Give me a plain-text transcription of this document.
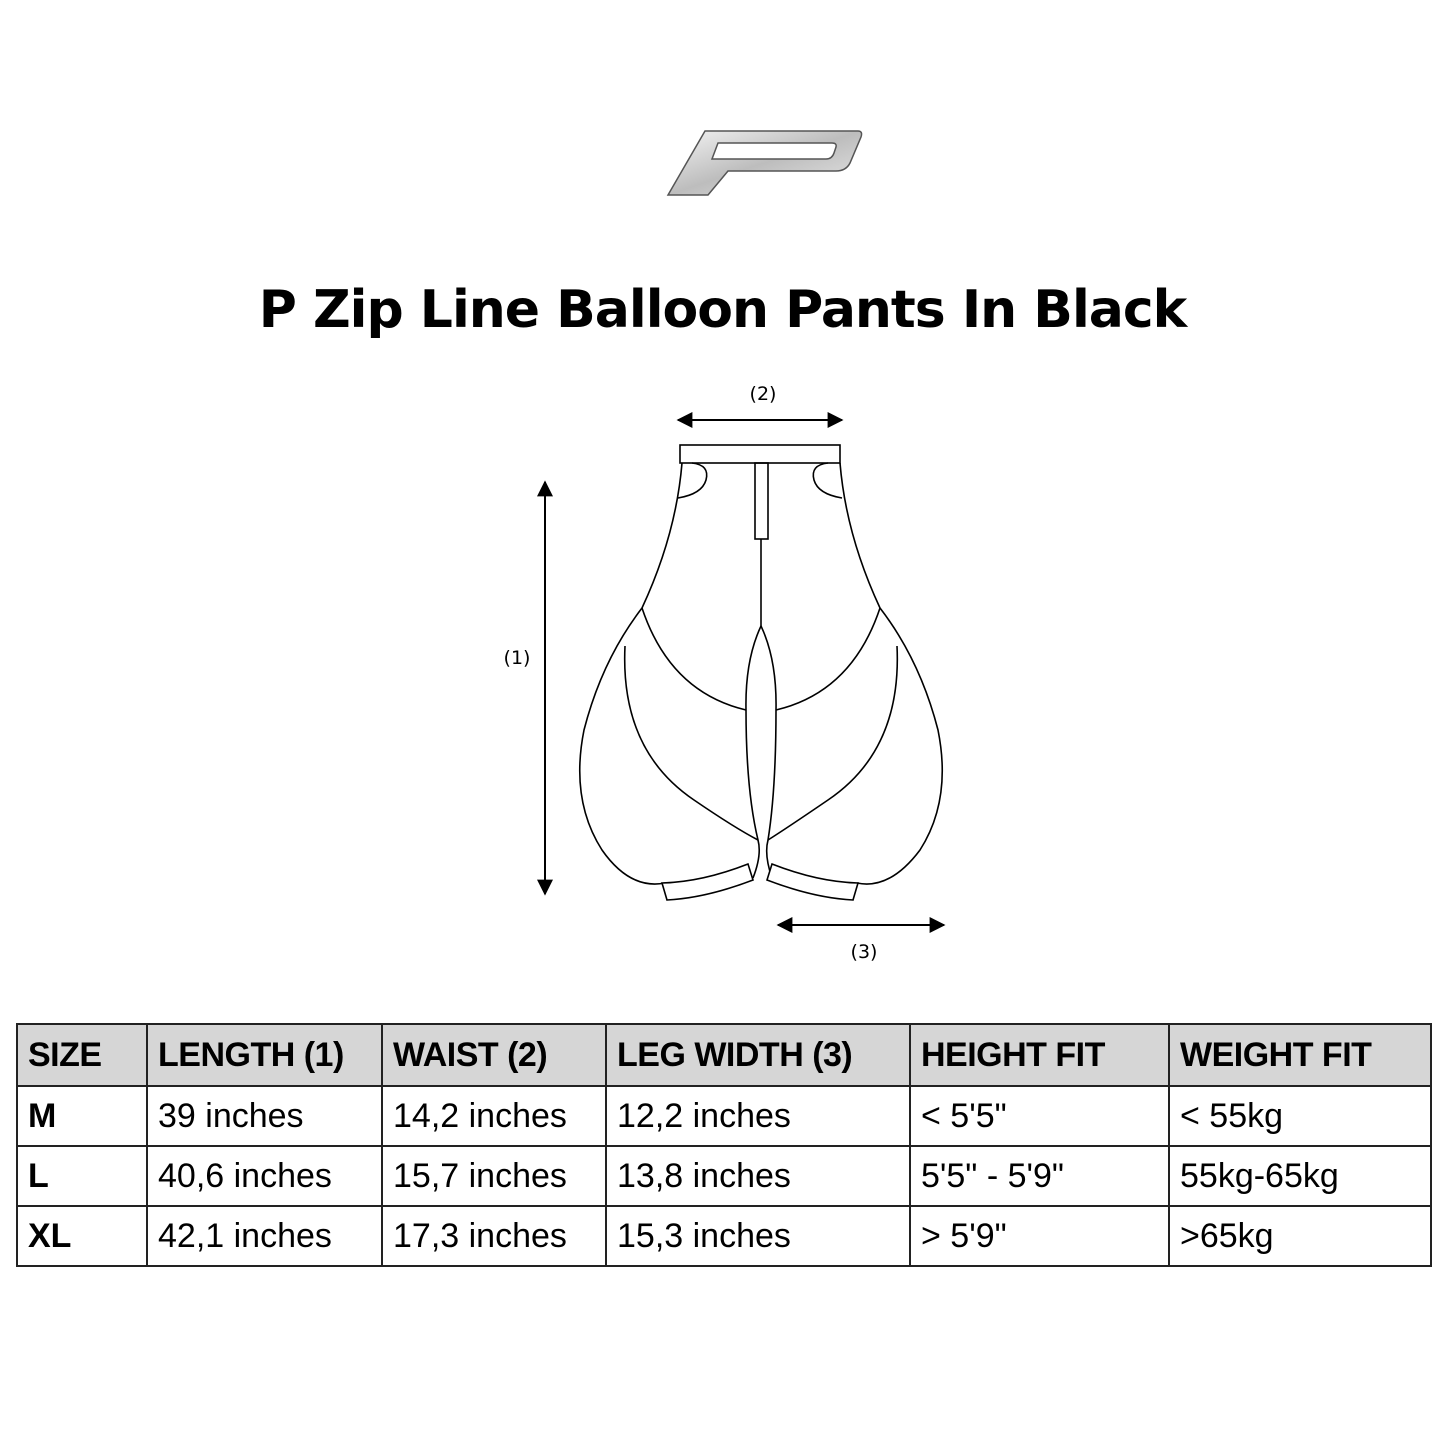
P Zip Line Balloon Pants In Black
(2)
(1)
(3)
SIZE	LENGTH (1)	WAIST (2)	LEG WIDTH (3)	HEIGHT FIT	WEIGHT FIT
M	39 inches	14,2 inches	12,2 inches	< 5'5"	< 55kg
L	40,6 inches	15,7 inches	13,8 inches	5'5" - 5'9"	55kg-65kg
XL	42,1 inches	17,3 inches	15,3 inches	> 5'9"	>65kg
